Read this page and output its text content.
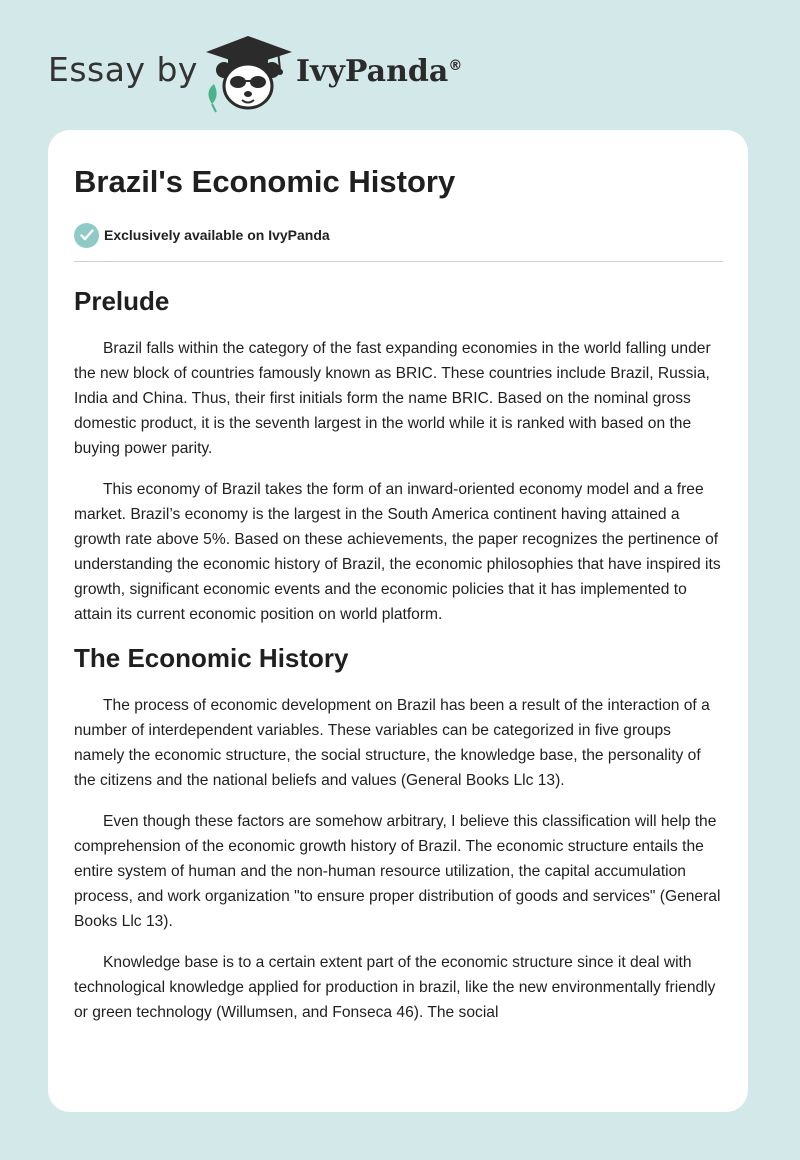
Essay by	IvyPanda®
Brazil's Economic History
Exclusively available on IvyPanda
Prelude

Brazil falls within the category of the fast expanding economies in the world falling under the new block of countries famously known as BRIC. These countries include Brazil, Russia, India and China. Thus, their first initials form the name BRIC. Based on the nominal gross domestic product, it is the seventh largest in the world while it is ranked with based on the buying power parity.

This economy of Brazil takes the form of an inward-oriented economy model and a free market. Brazil’s economy is the largest in the South America continent having attained a growth rate above 5%. Based on these achievements, the paper recognizes the pertinence of understanding the economic history of Brazil, the economic philosophies that have inspired its growth, significant economic events and the economic policies that it has implemented to attain its current economic position on world platform.

The Economic History

The process of economic development on Brazil has been a result of the interaction of a number of interdependent variables. These variables can be categorized in five groups namely the economic structure, the social structure, the knowledge base, the personality of the citizens and the national beliefs and values (General Books Llc 13).

Even though these factors are somehow arbitrary, I believe this classification will help the comprehension of the economic growth history of Brazil. The economic structure entails the entire system of human and the non-human resource utilization, the capital accumulation process, and work organization "to ensure proper distribution of goods and services" (General Books Llc 13).

Knowledge base is to a certain extent part of the economic structure since it deal with technological knowledge applied for production in brazil, like the new environmentally friendly or green technology (Willumsen, and Fonseca 46). The social
